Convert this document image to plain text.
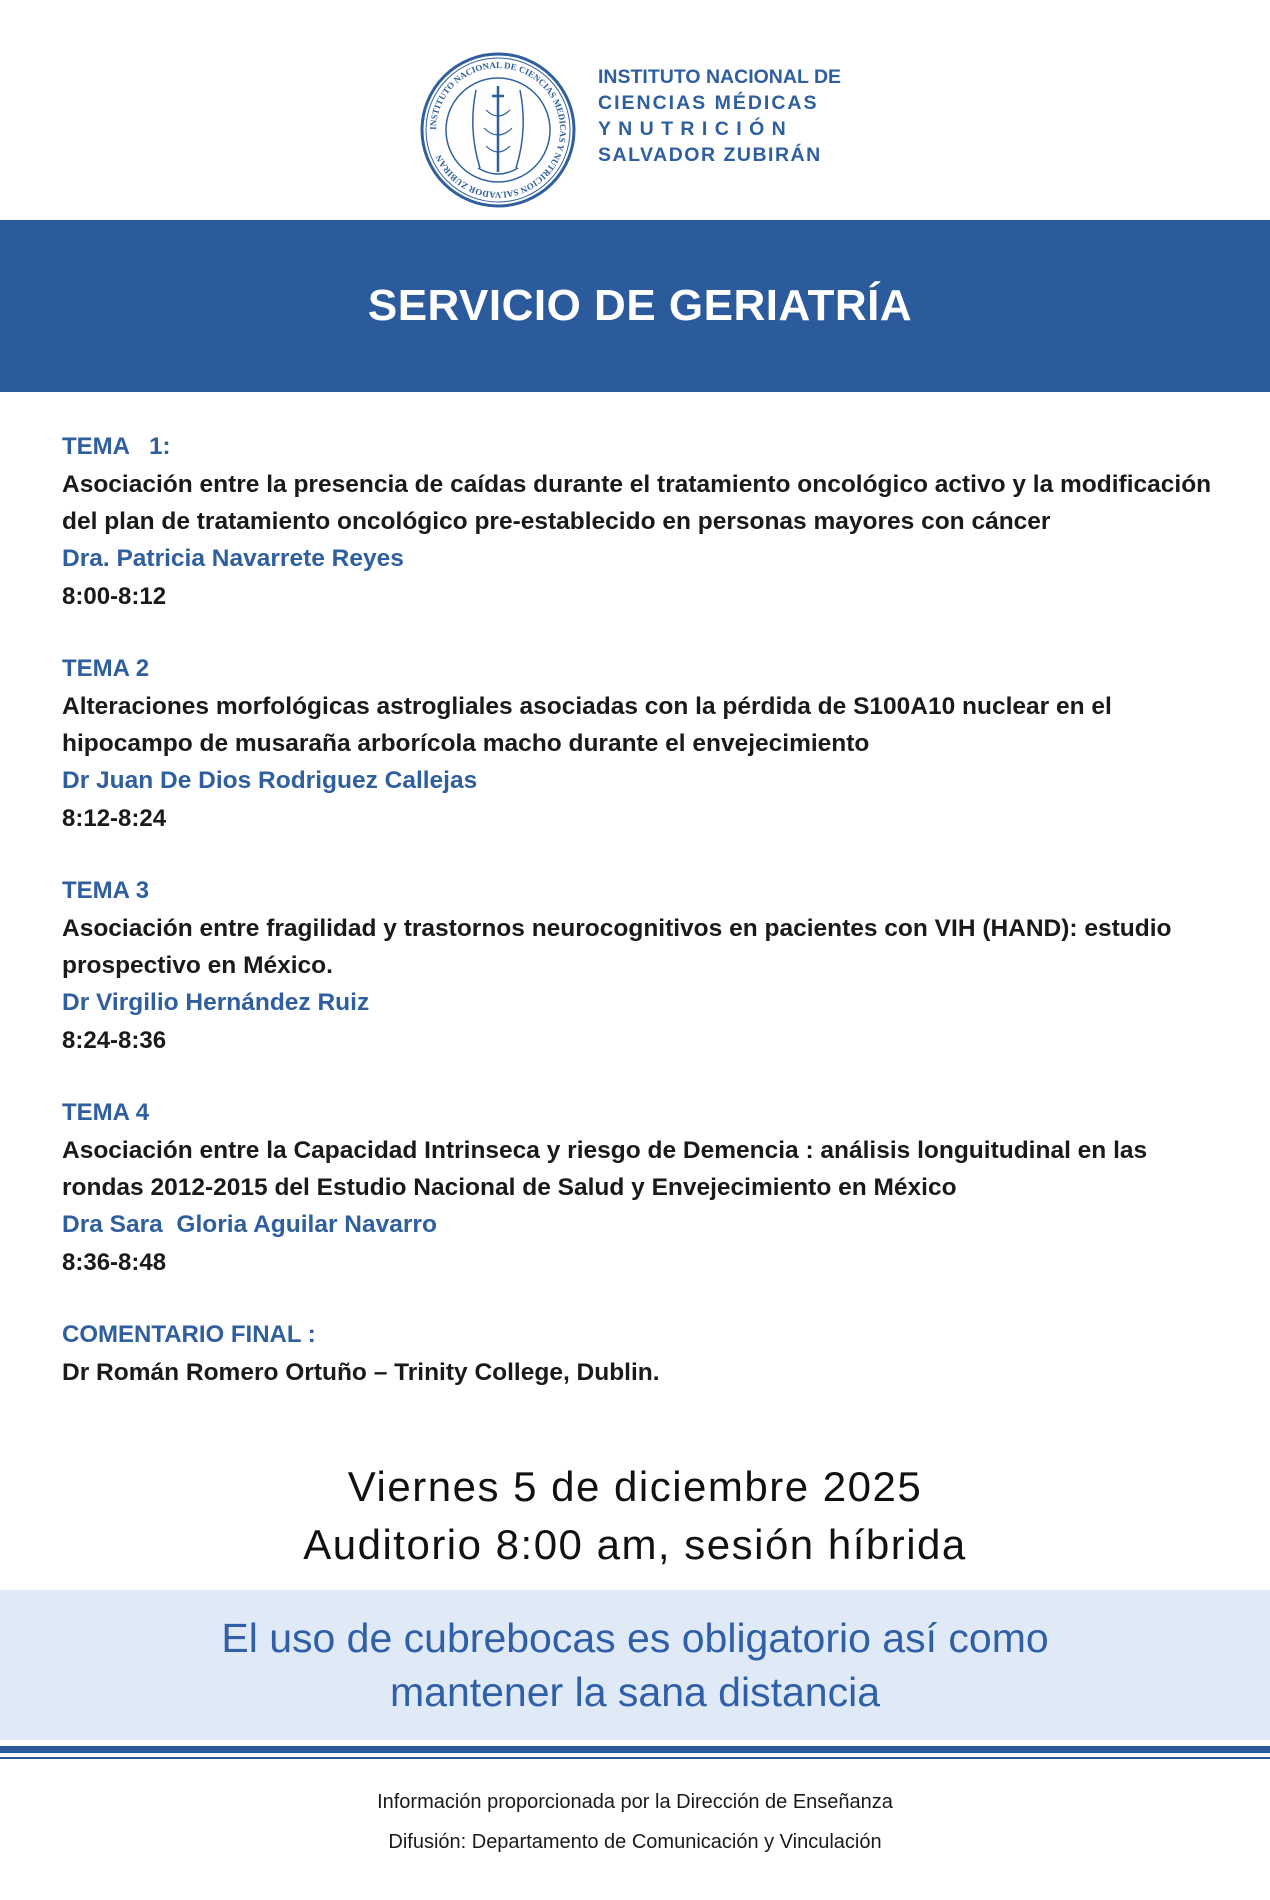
INSTITUTO NACIONAL DE CIENCIAS MEDICAS Y NUTRICION SALVADOR ZUBIRAN
INSTITUTO NACIONAL DE
CIENCIAS MÉDICAS
Y N U T R I C I Ó N
SALVADOR ZUBIRÁN
SERVICIO DE GERIATRÍA
TEMA   1:
Asociación entre la presencia de caídas durante el tratamiento oncológico activo y la modificación del plan de tratamiento oncológico pre-establecido en personas mayores con cáncer
Dra. Patricia Navarrete Reyes
8:00-8:12
TEMA 2
Alteraciones morfológicas astrogliales asociadas con la pérdida de S100A10 nuclear en el hipocampo de musaraña arborícola macho durante el envejecimiento
Dr Juan De Dios Rodriguez Callejas
8:12-8:24
TEMA 3
Asociación entre fragilidad y trastornos neurocognitivos en pacientes con VIH (HAND): estudio prospectivo en México.
Dr Virgilio Hernández Ruiz
8:24-8:36
TEMA 4
Asociación entre la Capacidad Intrinseca y riesgo de Demencia : análisis longuitudinal en las rondas 2012-2015 del Estudio Nacional de Salud y Envejecimiento en México
Dra Sara  Gloria Aguilar Navarro
8:36-8:48
COMENTARIO FINAL :
Dr Román Romero Ortuño – Trinity College, Dublin.
Viernes 5 de diciembre 2025
Auditorio 8:00 am, sesión híbrida
El uso de cubrebocas es obligatorio así como
mantener la sana distancia
Información proporcionada por la Dirección de Enseñanza
Difusión: Departamento de Comunicación y Vinculación
